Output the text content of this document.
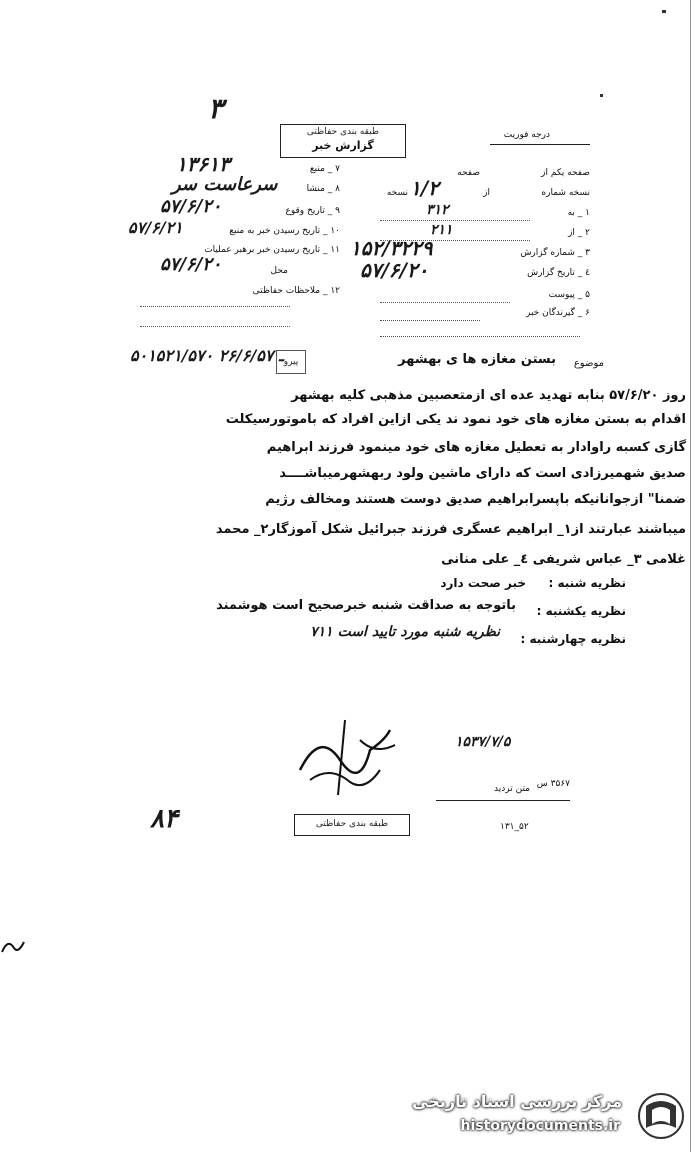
۳
طبقه بندی حفاظتی
گزارش خبر
درجه فوریت
۷ _ منبع
۱۳۶۱۳
۸ _ منشا
سرعاست سر
۹ _ تاریخ وقوع
۵۷/۶/۲۰
۱۰ _ تاریخ رسیدن خبر به منبع
۵۷/۶/۲۱
۱۱ _ تاریخ رسیدن خبر برهبر عملیات
محل
۵۷/۶/۲۰
۱۲ _ ملاحظات حفاظتی
صفحه یکم از
صفحه
نسخه شماره
از
نسخه ۱/۲
۱ _ به
۳۱۲
۲ _ از
۲۱۱
۳ _ شماره گزارش
۱۵۲/۳۲۲۹
٤ _ تاریخ گزارش
۵۷/۶/۲۰
۵ _ پیوست
۶ _ گیرندگان خبر
موضوع
بستن مغازه ها ی بهشهر
پیرو
۵۰۱۵۲۱/۵۷۰ ـ ۲۶/۶/۵۷
روز ۵۷/۶/۲۰ بنابه تهدید عده ای ازمتعصبین مذهبی کلیه بهشهر
اقدام به بستن مغازه های خود نمود ند یکی ازاین افراد که باموتورسیکلت
گازی کسبه راوادار به تعطیل مغازه های خود مینمود فرزند ابراهیم
صدیق شهمیرزادی است که دارای ماشین ولود ربهشهرمیباشــــد
ضمنا" ازجوانانیکه باپسرابراهیم صدیق دوست هستند ومخالف رژیم
میباشند عبارتند از۱_ ابراهیم عسگری فرزند جبرائیل شکل آموزگار۲_ محمد
غلامی ۳_ عباس شریفی ٤_ علی منانی
نظریه شنبه :
خبر صحت دارد
نظریه یکشنبه :
باتوجه به صداقت شنبه خبرصحیح است هوشمند
نظریه چهارشنبه :
نظریه شنبه مورد تایید است ۷۱۱
۱۵۳۷/۷/۵
متن تردید ۳۵۶۷ س
۸۴	طبقه بندی حفاظتی	۵۲_۱۳۱
مرکز بررسی اسناد تاریخی
historydocuments.ir
